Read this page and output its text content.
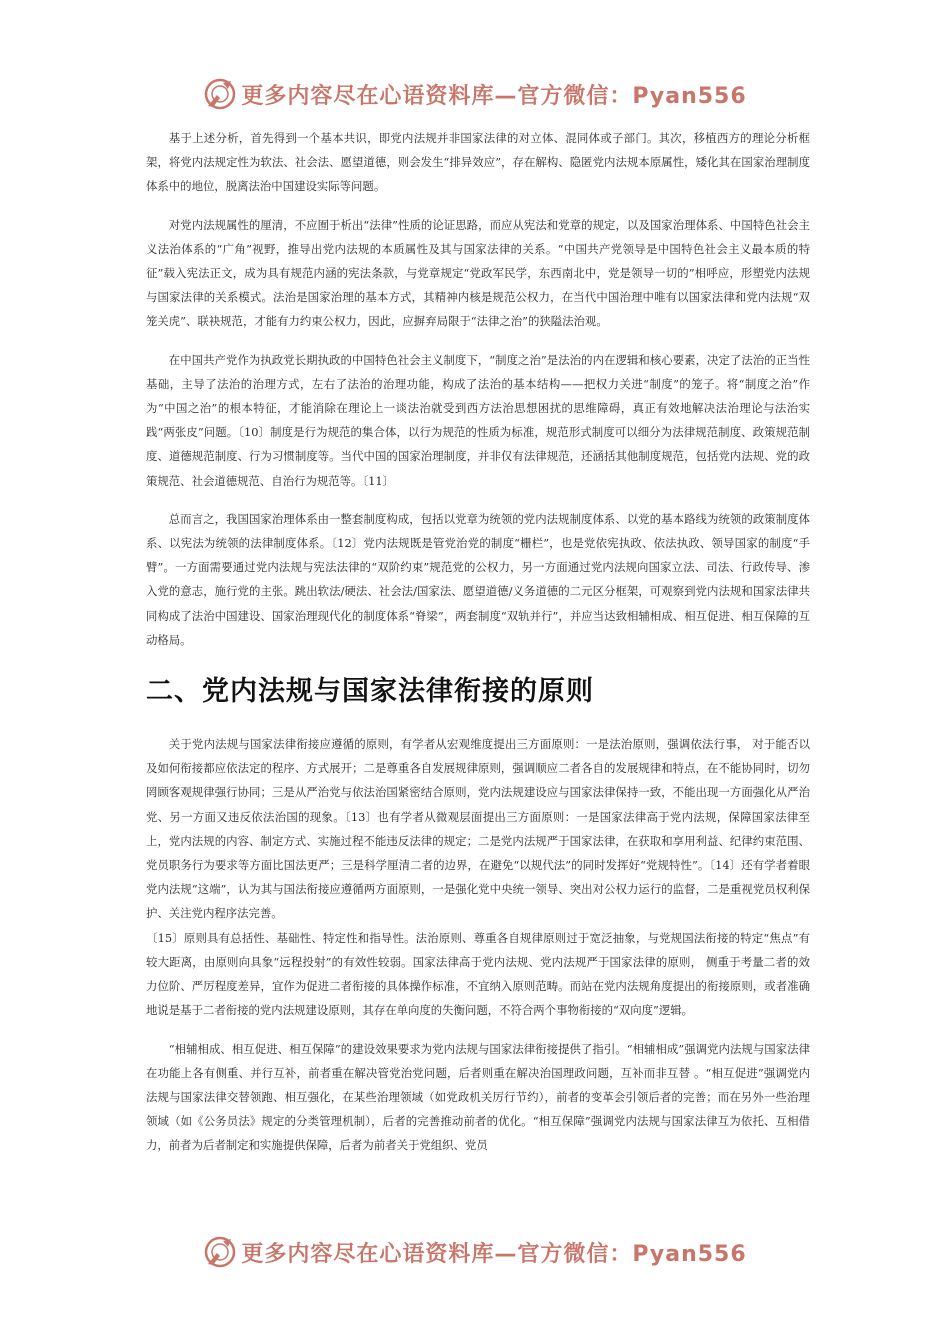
更多内容尽在心语资料库—官方微信：Pyan556

基于上述分析，首先得到一个基本共识，即党内法规并非国家法律的对立体、混同体或子部门。其次，移植西方的理论分析框架，将党内法规定性为软法、社会法、愿望道德，则会发生“排异效应”，存在解构、隐匿党内法规本原属性，矮化其在国家治理制度体系中的地位，脱离法治中国建设实际等问题。

对党内法规属性的厘清，不应囿于析出“法律”性质的论证思路，而应从宪法和党章的规定，以及国家治理体系、中国特色社会主义法治体系的“广角”视野，推导出党内法规的本质属性及其与国家法律的关系。“中国共产党领导是中国特色社会主义最本质的特征”载入宪法正文，成为具有规范内涵的宪法条款，与党章规定“党政军民学，东西南北中，党是领导一切的”相呼应，形塑党内法规与国家法律的关系模式。法治是国家治理的基本方式，其精神内核是规范公权力，在当代中国治理中唯有以国家法律和党内法规“双笼关虎”、联袂规范，才能有力约束公权力，因此，应摒弃局限于“法律之治”的狭隘法治观。

在中国共产党作为执政党长期执政的中国特色社会主义制度下，“制度之治”是法治的内在逻辑和核心要素，决定了法治的正当性基础，主导了法治的治理方式，左右了法治的治理功能，构成了法治的基本结构——把权力关进“制度”的笼子。将“制度之治”作为“中国之治”的根本特征，才能消除在理论上一谈法治就受到西方法治思想困扰的思维障碍，真正有效地解决法治理论与法治实践“两张皮”问题。〔10〕制度是行为规范的集合体，以行为规范的性质为标准，规范形式制度可以细分为法律规范制度、政策规范制度、道德规范制度、行为习惯制度等。当代中国的国家治理制度，并非仅有法律规范，还涵括其他制度规范，包括党内法规、党的政策规范、社会道德规范、自治行为规范等。〔11〕

总而言之，我国国家治理体系由一整套制度构成，包括以党章为统领的党内法规制度体系、以党的基本路线为统领的政策制度体系、以宪法为统领的法律制度体系。〔12〕党内法规既是管党治党的制度“栅栏”，也是党依宪执政、依法执政、领导国家的制度“手臂”。一方面需要通过党内法规与宪法法律的“双阶约束”规范党的公权力，另一方面通过党内法规向国家立法、司法、行政传导、渗入党的意志，施行党的主张。跳出软法/硬法、社会法/国家法、愿望道德/义务道德的二元区分框架，可观察到党内法规和国家法律共同构成了法治中国建设、国家治理现代化的制度体系“脊梁”，两套制度“双轨并行”，并应当达致相辅相成、相互促进、相互保障的互动格局。

二、党内法规与国家法律衔接的原则

关于党内法规与国家法律衔接应遵循的原则，有学者从宏观维度提出三方面原则：一是法治原则，强调依法行事， 对于能否以及如何衔接都应依法定的程序、方式展开；二是尊重各自发展规律原则，强调顺应二者各自的发展规律和特点，在不能协同时，切勿罔顾客观规律强行协同；三是从严治党与依法治国紧密结合原则，党内法规建设应与国家法律保持一致，不能出现一方面强化从严治党、另一方面又违反依法治国的现象。〔13〕也有学者从微观层面提出三方面原则：一是国家法律高于党内法规，保障国家法律至上，党内法规的内容、制定方式、实施过程不能违反法律的规定；二是党内法规严于国家法律，在获取和享用利益、纪律约束范围、党员职务行为要求等方面比国法更严；三是科学厘清二者的边界，在避免“以规代法”的同时发挥好“党规特性”。〔14〕还有学者着眼党内法规“这端”，认为其与国法衔接应遵循两方面原则，一是强化党中央统一领导、突出对公权力运行的监督，二是重视党员权利保护、关注党内程序法完善。

〔15〕原则具有总括性、基础性、特定性和指导性。法治原则、尊重各自规律原则过于宽泛抽象，与党规国法衔接的特定“焦点”有较大距离，由原则向具象“远程投射”的有效性较弱。国家法律高于党内法规、党内法规严于国家法律的原则， 侧重于考量二者的效力位阶、严厉程度差异，宜作为促进二者衔接的具体操作标准，不宜纳入原则范畴。而站在党内法规角度提出的衔接原则，或者准确地说是基于二者衔接的党内法规建设原则，其存在单向度的失衡问题，不符合两个事物衔接的“双向度”逻辑。

“相辅相成、相互促进、相互保障”的建设效果要求为党内法规与国家法律衔接提供了指引。“相辅相成”强调党内法规与国家法律在功能上各有侧重、并行互补，前者重在解决管党治党问题，后者则重在解决治国理政问题，互补而非互替 。“相互促进”强调党内法规与国家法律交替领跑、相互强化，在某些治理领域（如党政机关厉行节约），前者的变革会引领后者的完善；而在另外一些治理领域（如《公务员法》规定的分类管理机制），后者的完善推动前者的优化。“相互保障”强调党内法规与国家法律互为依托、互相借力，前者为后者制定和实施提供保障，后者为前者关于党组织、党员

更多内容尽在心语资料库—官方微信：Pyan556
